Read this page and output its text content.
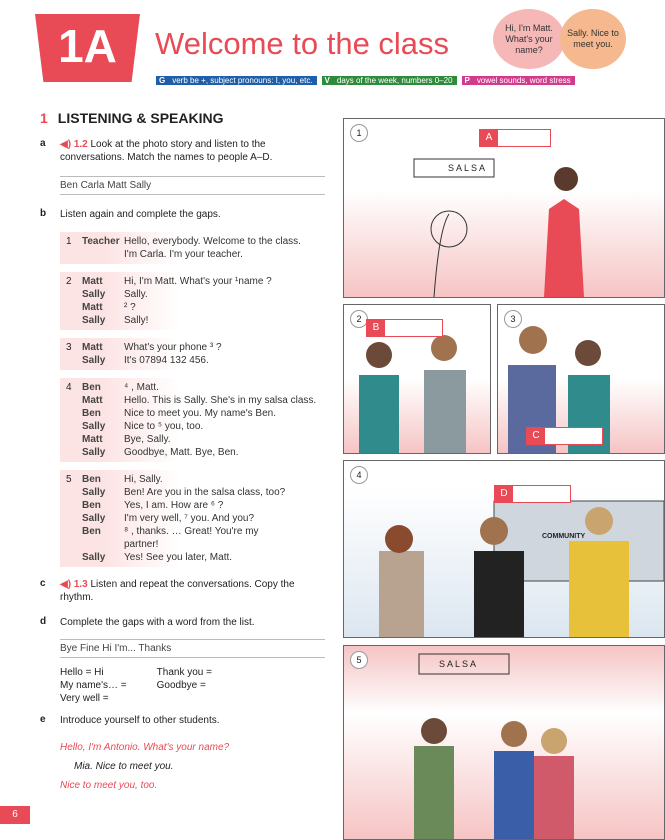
1A	Welcome to the class	Hi, I'm Matt. What's your name?
Sally. Nice to meet you.
G verb be +, subject pronouns: I, you, etc.	V days of the week, numbers 0–20	P vowel sounds, word stress
1 LISTENING & SPEAKING
a ◀) 1.2 Look at the photo story and listen to the conversations. Match the names to people A–D.
Ben Carla Matt Sally
b Listen again and complete the gaps.
1	Teacher Hello, everybody. Welcome to the class.
I'm Carla. I'm your teacher.
2	Matt	Hi, I'm Matt. What's your ¹name ?
Sally	Sally.
Matt	² ?
Sally	Sally!
3	Matt	What's your phone ³ ?
Sally	It's 07894 132 456.
4	Ben	⁴ , Matt.
Matt	Hello. This is Sally. She's in my salsa class.
Ben	Nice to meet you. My name's Ben.
Sally	Nice to ⁵ you, too.
Matt	Bye, Sally.
Sally	Goodbye, Matt. Bye, Ben.
5	Ben	Hi, Sally.
Sally	Ben! Are you in the salsa class, too?
Ben	Yes, I am. How are ⁶ ?
Sally	I'm very well, ⁷ you. And you?
Ben	⁸ , thanks. … Great! You're my
partner!
Sally	Yes! See you later, Matt.
c ◀) 1.3 Listen and repeat the conversations. Copy the rhythm.
d Complete the gaps with a word from the list.
Bye Fine Hi I'm... Thanks
Hello = Hi
My name's… =
Very well =
Thank you =
Goodbye =
e Introduce yourself to other students.
Hello, I'm Antonio. What's your name?
Mia. Nice to meet you.
Nice to meet you, too.
6
1
SALSA
A
2
B
3
C
4
COMMUNITY
D
5	SALSA
